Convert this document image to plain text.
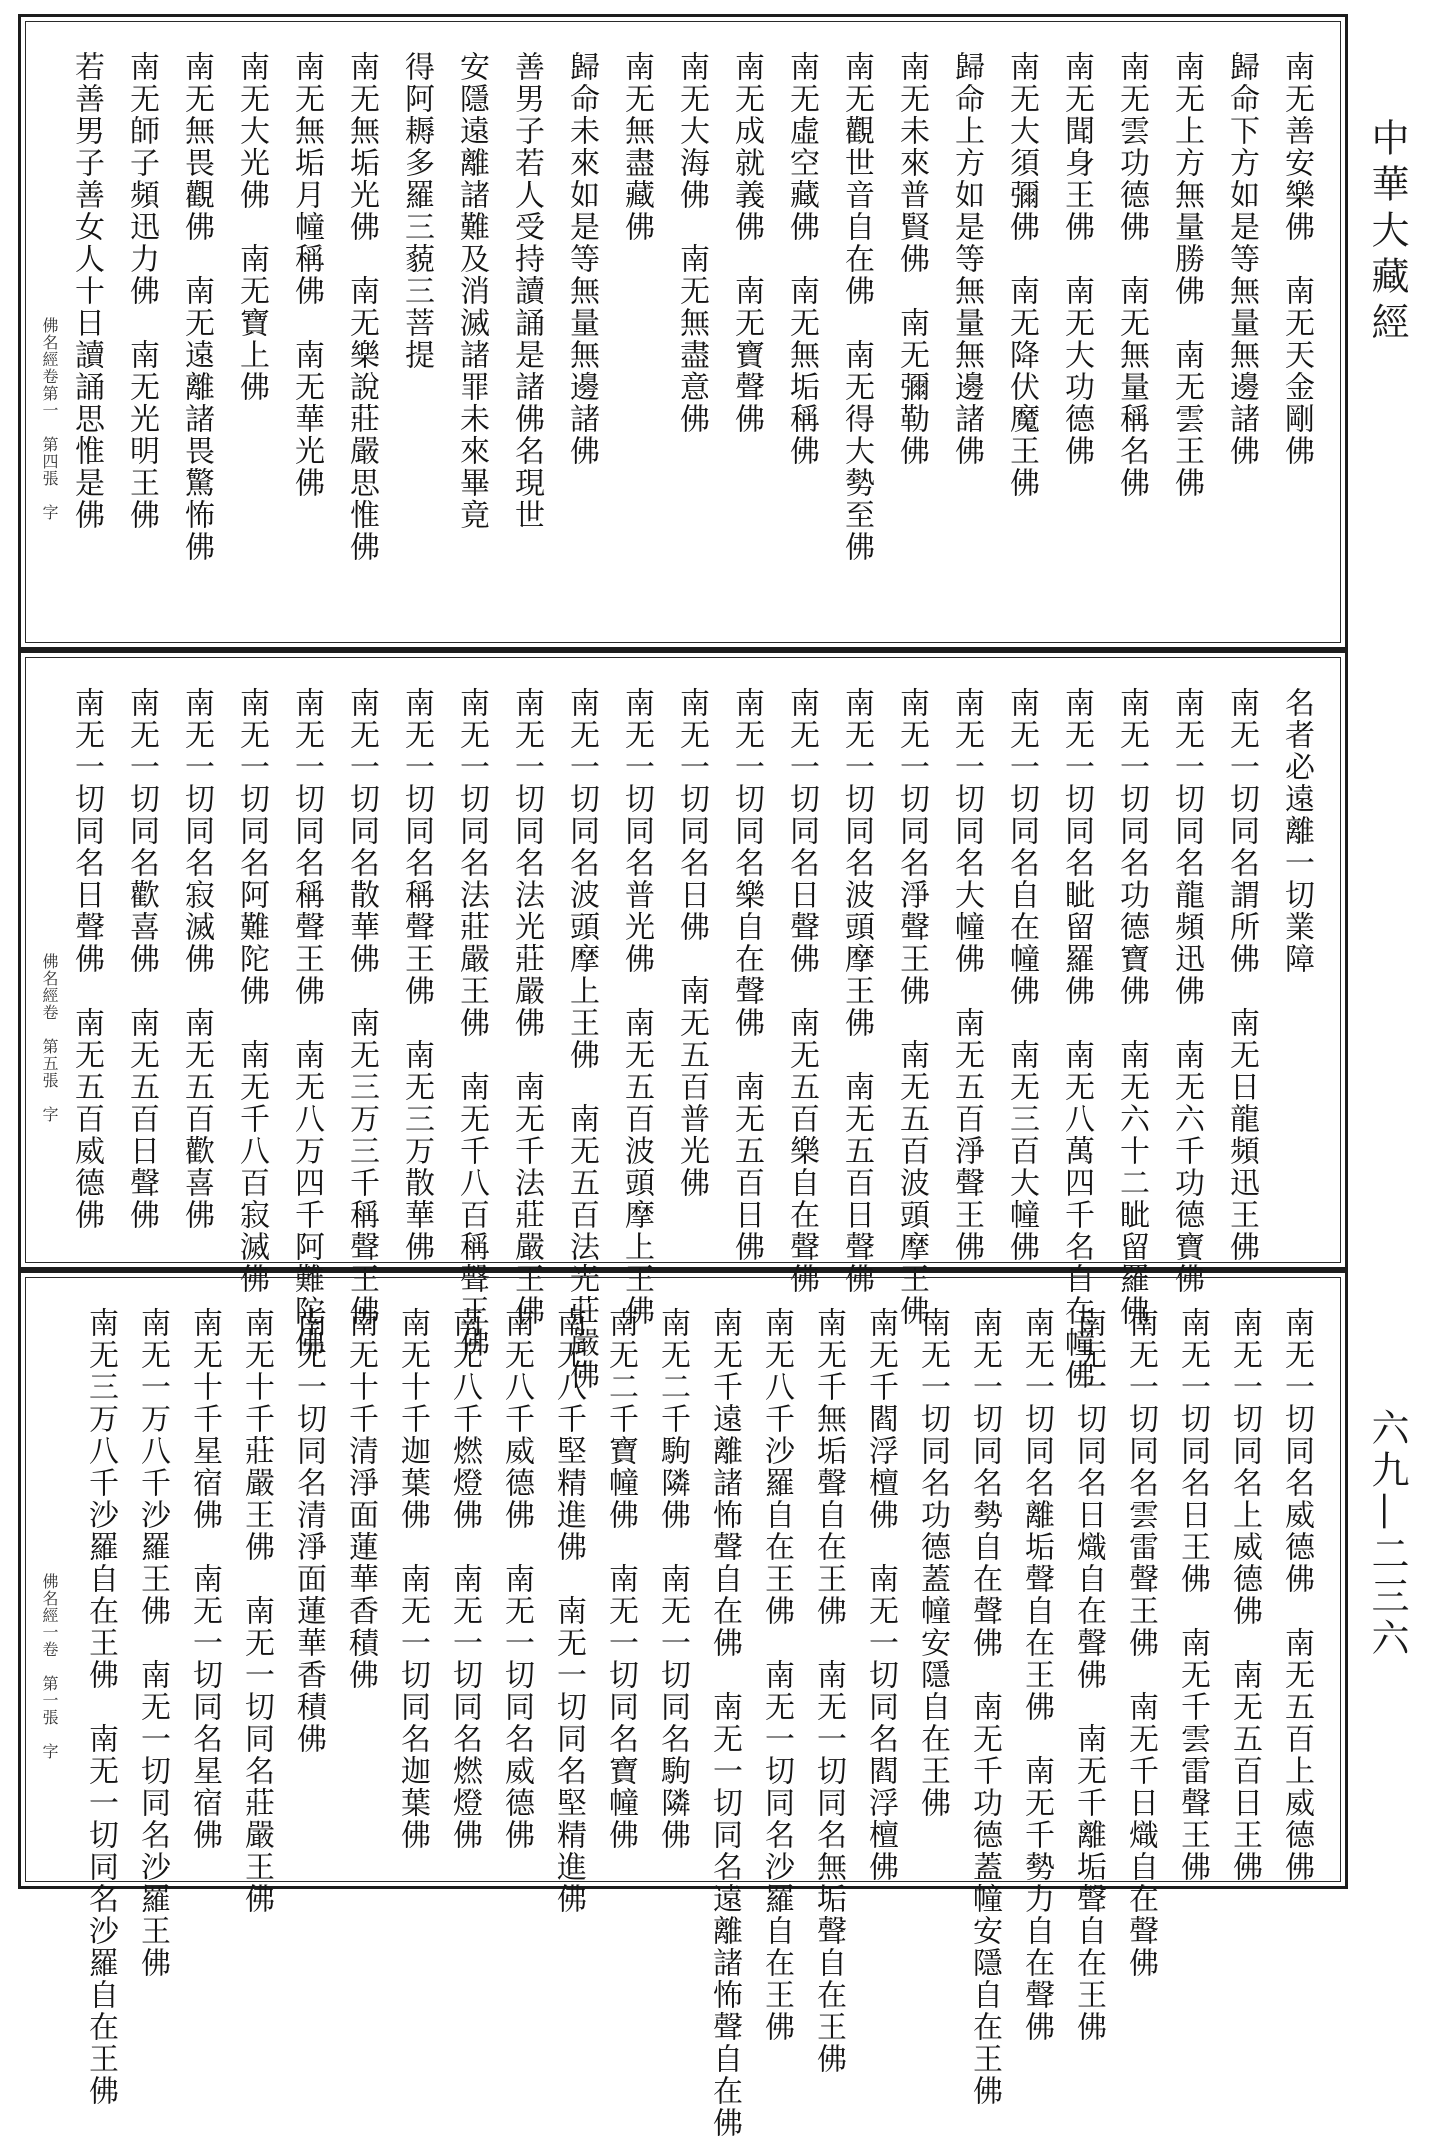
中華大藏經
六九—二三六
南无善安樂佛　南无天金剛佛
歸命下方如是等無量無邊諸佛
南无上方無量勝佛　南无雲王佛
南无雲功德佛　南无無量稱名佛
南无聞身王佛　南无大功德佛
南无大須彌佛　南无降伏魔王佛
歸命上方如是等無量無邊諸佛
南无未來普賢佛　南无彌勒佛
南无觀世音自在佛　南无得大勢至佛
南无虛空藏佛　南无無垢稱佛
南无成就義佛　南无寶聲佛
南无大海佛　南无無盡意佛
南无無盡藏佛
歸命未來如是等無量無邊諸佛
善男子若人受持讀誦是諸佛名現世
安隱遠離諸難及消滅諸罪未來畢竟
得阿耨多羅三藐三菩提
南无無垢光佛　南无樂說莊嚴思惟佛
南无無垢月幢稱佛　南无華光佛
南无大光佛　南无寶上佛
南无無畏觀佛　南无遠離諸畏驚怖佛
南无師子頻迅力佛　南无光明王佛
若善男子善女人十日讀誦思惟是佛
佛名經卷第一　第四張　字
名者必遠離一切業障
南无一切同名謂所佛　南无日龍頻迅王佛
南无一切同名龍頻迅佛　南无六千功德寶佛
南无一切同名功德寶佛　南无六十二眦留羅佛
南无一切同名眦留羅佛　南无八萬四千名自在幢佛
南无一切同名自在幢佛　南无三百大幢佛
南无一切同名大幢佛　南无五百淨聲王佛
南无一切同名淨聲王佛　南无五百波頭摩王佛
南无一切同名波頭摩王佛　南无五百日聲佛
南无一切同名日聲佛　南无五百樂自在聲佛
南无一切同名樂自在聲佛　南无五百日佛
南无一切同名日佛　南无五百普光佛
南无一切同名普光佛　南无五百波頭摩上王佛
南无一切同名波頭摩上王佛　南无五百法光莊嚴佛
南无一切同名法光莊嚴佛　南无千法莊嚴王佛
南无一切同名法莊嚴王佛　南无千八百稱聲王佛
南无一切同名稱聲王佛　南无三万散華佛
南无一切同名散華佛　南无三万三千稱聲王佛
南无一切同名稱聲王佛　南无八万四千阿難陀佛
南无一切同名阿難陀佛　南无千八百寂滅佛
南无一切同名寂滅佛　南无五百歡喜佛
南无一切同名歡喜佛　南无五百日聲佛
南无一切同名日聲佛　南无五百威德佛
佛名經卷　第五張　字
南无一切同名威德佛　南无五百上威德佛
南无一切同名上威德佛　南无五百日王佛
南无一切同名日王佛　南无千雲雷聲王佛
南无一切同名雲雷聲王佛　南无千日熾自在聲佛
南无一切同名日熾自在聲佛　南无千離垢聲自在王佛
南无一切同名離垢聲自在王佛　南无千勢力自在聲佛
南无一切同名勢自在聲佛　南无千功德蓋幢安隱自在王佛
南无一切同名功德蓋幢安隱自在王佛
南无千閻浮檀佛　南无一切同名閻浮檀佛
南无千無垢聲自在王佛　南无一切同名無垢聲自在王佛
南无八千沙羅自在王佛　南无一切同名沙羅自在王佛
南无千遠離諸怖聲自在佛　南无一切同名遠離諸怖聲自在佛
南无二千駒隣佛　南无一切同名駒隣佛
南无二千寶幢佛　南无一切同名寶幢佛
南无八千堅精進佛　南无一切同名堅精進佛
南无八千威德佛　南无一切同名威德佛
南无八千燃燈佛　南无一切同名燃燈佛
南无十千迦葉佛　南无一切同名迦葉佛
南无十千清淨面蓮華香積佛
南无一切同名清淨面蓮華香積佛
南无十千莊嚴王佛　南无一切同名莊嚴王佛
南无十千星宿佛　南无一切同名星宿佛
南无一万八千沙羅王佛　南无一切同名沙羅王佛
南无三万八千沙羅自在王佛　南无一切同名沙羅自在王佛
佛名經一卷　第一張　字
